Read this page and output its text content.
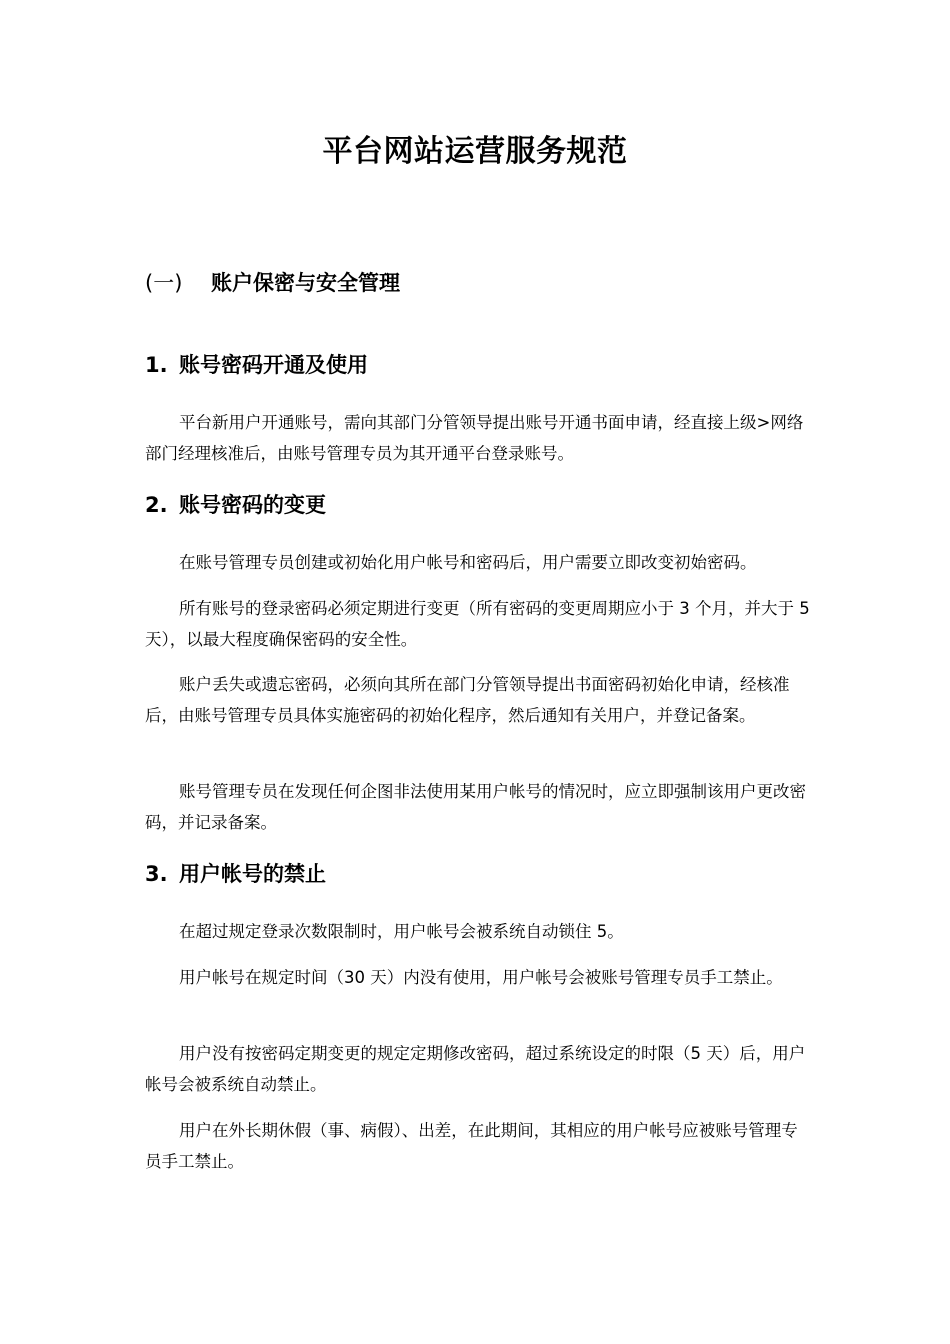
平台网站运营服务规范
(一) 账户保密与安全管理
1. 账号密码开通及使用

平台新用户开通账号，需向其部门分管领导提出账号开通书面申请，经直接上级>网络部门经理核准后，由账号管理专员为其开通平台登录账号。

2. 账号密码的变更

在账号管理专员创建或初始化用户帐号和密码后，用户需要立即改变初始密码。

所有账号的登录密码必须定期进行变更（所有密码的变更周期应小于 3 个月，并大于 5 天），以最大程度确保密码的安全性。

账户丢失或遗忘密码，必须向其所在部门分管领导提出书面密码初始化申请，经核准后，由账号管理专员具体实施密码的初始化程序，然后通知有关用户，并登记备案。

账号管理专员在发现任何企图非法使用某用户帐号的情况时，应立即强制该用户更改密码，并记录备案。

3. 用户帐号的禁止

在超过规定登录次数限制时，用户帐号会被系统自动锁住 5。

用户帐号在规定时间（30 天）内没有使用，用户帐号会被账号管理专员手工禁止。

用户没有按密码定期变更的规定定期修改密码，超过系统设定的时限（5 天）后，用户帐号会被系统自动禁止。

用户在外长期休假（事、病假）、出差，在此期间，其相应的用户帐号应被账号管理专员手工禁止。
